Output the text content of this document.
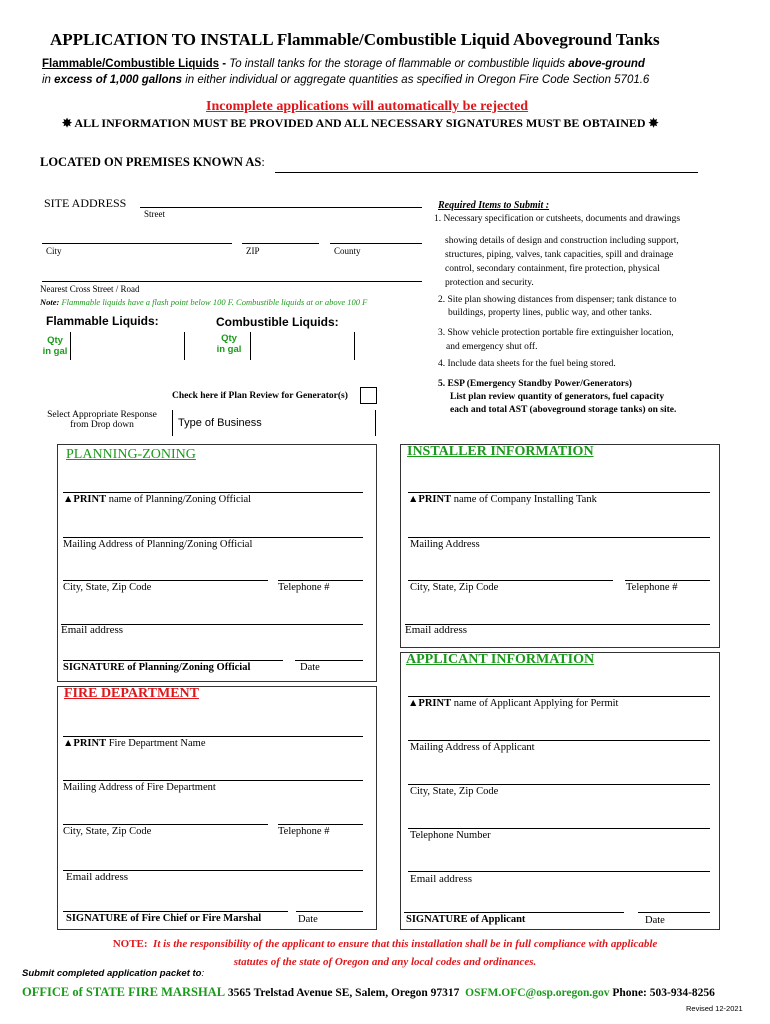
APPLICATION TO INSTALL Flammable/Combustible Liquid Aboveground Tanks
Flammable/Combustible Liquids - To install tanks for the storage of flammable or combustible liquids above-ground
in excess of 1,000 gallons in either individual or aggregate quantities as specified in Oregon Fire Code Section 5701.6
Incomplete applications will automatically be rejected
✸ ALL INFORMATION MUST BE PROVIDED AND ALL NECESSARY SIGNATURES MUST BE OBTAINED ✸
LOCATED ON PREMISES KNOWN AS:
SITE ADDRESS
Street
City	ZIP	County
Nearest Cross Street / Road
Note: Flammable liquids have a flash point below 100 F. Combustible liquids at or above 100 F
Flammable Liquids:	Combustible Liquids:
Qty
in gal
Qty
in gal
Check here if Plan Review for Generator(s)
Select Appropriate Response
from Drop down	Type of Business
Required Items to Submit :
1. Necessary specification or cutsheets, documents and drawings
showing details of design and construction including support,
structures, piping, valves, tank capacities, spill and drainage
control, secondary containment, fire protection, physical
protection and security.
2. Site plan showing distances from dispenser; tank distance to
buildings, property lines, public way, and other tanks.
3. Show vehicle protection portable fire extinguisher location,
and emergency shut off.
4. Include data sheets for the fuel being stored.
5. ESP (Emergency Standby Power/Generators)
List plan review quantity of generators, fuel capacity
each and total AST (aboveground storage tanks) on site.
PLANNING-ZONING
▲PRINT name of Planning/Zoning Official
Mailing Address of Planning/Zoning Official
City, State, Zip Code	Telephone #
Email address
SIGNATURE of Planning/Zoning Official	Date
FIRE DEPARTMENT
▲PRINT Fire Department Name
Mailing Address of Fire Department
City, State, Zip Code	Telephone #
Email address
SIGNATURE of Fire Chief or Fire Marshal	Date
INSTALLER INFORMATION
▲PRINT name of Company Installing Tank
Mailing Address
City, State, Zip Code	Telephone #
Email address
APPLICANT INFORMATION
▲PRINT name of Applicant Applying for Permit
Mailing Address of Applicant
City, State, Zip Code
Telephone Number
Email address
SIGNATURE of Applicant	Date
NOTE: It is the responsibility of the applicant to ensure that this installation shall be in full compliance with applicable
statutes of the state of Oregon and any local codes and ordinances.
Submit completed application packet to:
OFFICE of STATE FIRE MARSHAL 3565 Trelstad Avenue SE, Salem, Oregon 97317 OSFM.OFC@osp.oregon.gov Phone: 503-934-8256
Revised 12-2021
